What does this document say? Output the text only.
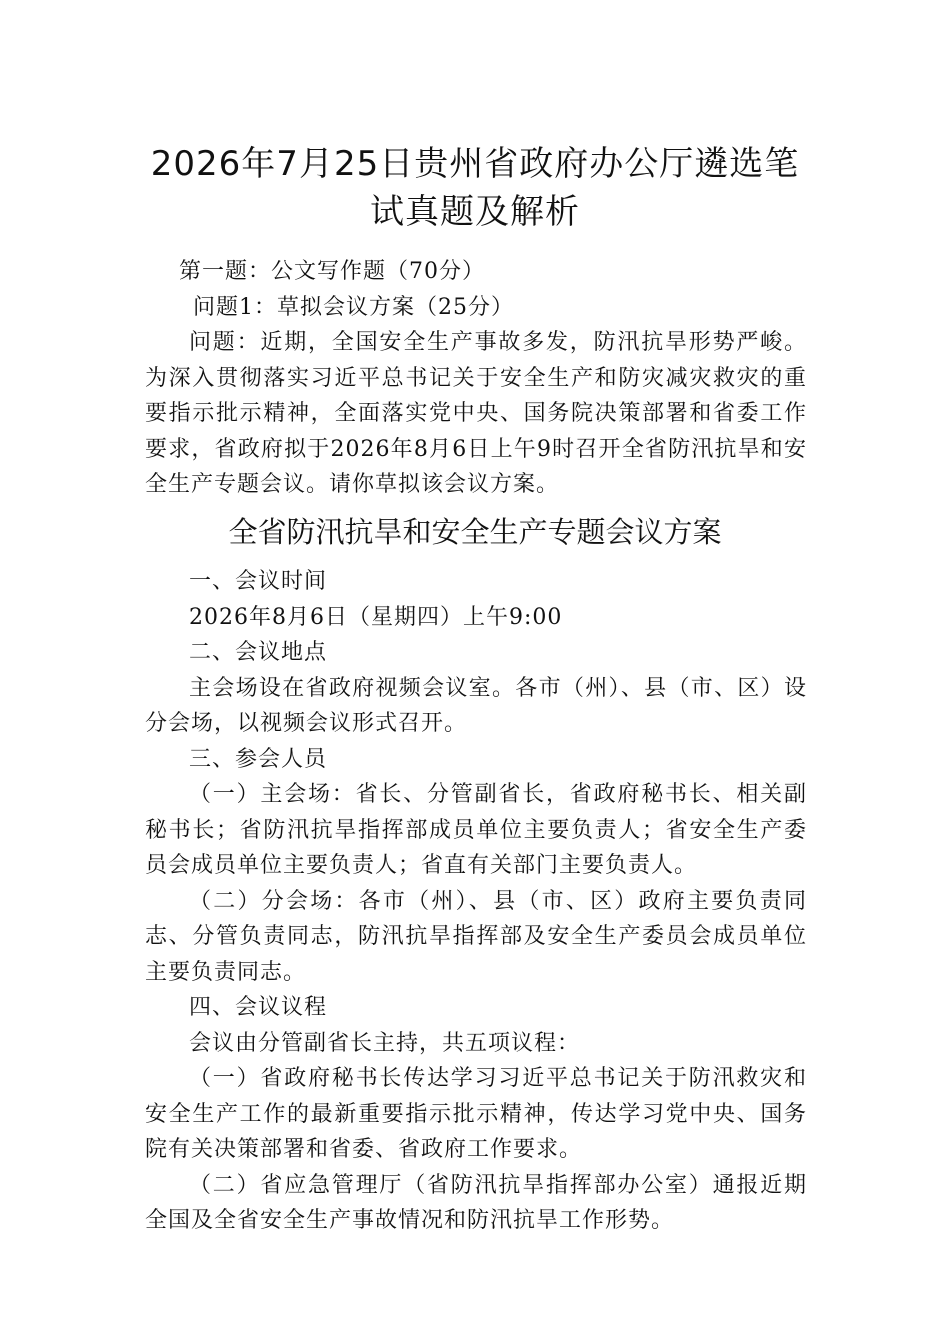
2026年7月25日贵州省政府办公厅遴选笔
试真题及解析

第一题：公文写作题（70分）

问题1：草拟会议方案（25分）

问题：近期，全国安全生产事故多发，防汛抗旱形势严峻。为深入贯彻落实习近平总书记关于安全生产和防灾减灾救灾的重要指示批示精神，全面落实党中央、国务院决策部署和省委工作要求，省政府拟于2026年8月6日上午9时召开全省防汛抗旱和安全生产专题会议。请你草拟该会议方案。

全省防汛抗旱和安全生产专题会议方案

一、会议时间

2026年8月6日（星期四）上午9:00

二、会议地点

主会场设在省政府视频会议室。各市（州）、县（市、区）设分会场，以视频会议形式召开。

三、参会人员

（一）主会场：省长、分管副省长，省政府秘书长、相关副秘书长；省防汛抗旱指挥部成员单位主要负责人；省安全生产委员会成员单位主要负责人；省直有关部门主要负责人。

（二）分会场：各市（州）、县（市、区）政府主要负责同志、分管负责同志，防汛抗旱指挥部及安全生产委员会成员单位主要负责同志。

四、会议议程

会议由分管副省长主持，共五项议程：

（一）省政府秘书长传达学习习近平总书记关于防汛救灾和安全生产工作的最新重要指示批示精神，传达学习党中央、国务院有关决策部署和省委、省政府工作要求。

（二）省应急管理厅（省防汛抗旱指挥部办公室）通报近期全国及全省安全生产事故情况和防汛抗旱工作形势。
